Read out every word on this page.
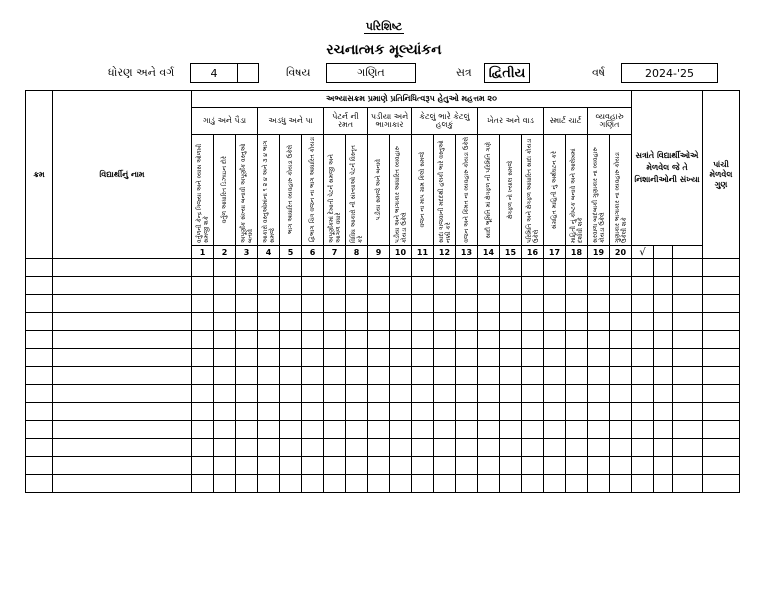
પરિશિષ્ટ
રચનાત્મક મૂલ્યાંકન
ધોરણ અને વર્ગ	4	વિષય	ગણિત	સત્ર	દ્વિતીય	વર્ષ	2024-'25
ક્રમ	વિદ્યાર્થીનું નામ	અભ્યાસક્રમ પ્રમાણે પ્રતિનિધિત્વરૂપ હેતુઓ મહત્તમ ૨૦																				સત્રાંતે વિદ્યાર્થીઓએ મેળવેલ જે તે નિશાનીઓની સંખ્યા			પાંચી મેળવેલ ગુણ
		ગાડું અને પૈડા			અડધુ અને પા			પેટર્ન ની રમત		પડીયા અને ભાગાકાર		કેટલું ભારે કેટલું હલકું			ખેતર અને વાડ			સ્માર્ટ ચાર્ટ		વ્યવહારુ ગણિત					

		વર્તુળની કેન્દ્ર ત્રિજ્યા અને વ્યાસ ઓળખી સમજી શકે	વર્તુળ આધારિત ડિઝાઇન દોરે	અપૂર્ણાંક સંખ્યા બનાવી અપૂર્ણાંક વસ્તુઓ બતાવે	આકારો વસ્તુઓમાંના ૧ ૨ ૪ અને ૩ ૪ ભાગ સમજે	ભાગ આધારિત વ્યવહારુ કોયડા ઉકેલે	દ્વિભાગ ચિત્ર વજન ના ભાગ આધારિત કોયડા	અપૂર્ણાંકમાં દેખાતી પેટર્ન સમજી અને આગળ વધારે	વિવિધ આકારો ની સંખ્યાઓ પેટર્ન વિસ્તૃત કરે	પડીયા સમજે અને બનાવે	પડીયા અને ભાગાકાર આધારિત વ્યવહારુ કોયડા ઉકેલે	વજન ના માપ ગ્રામ કિલો સમજે	સાદા ત્રાજવાની મદદથી હલકી ભારે વસ્તુઓ નક્કી કરે	વજન અને કિંમત ના વ્યવહારુ કોયડા ઉકેલે	સાદી ભૂમિતિ માં ક્ષેત્રફળ ની પરિમિતિ ગણે	ક્ષેત્રફળ નો ખ્યાલ સમજે	પરિમિતિ અને ક્ષેત્રફળ આધારિત સાદા કોયડા ઉકેલે	સંગ્રહિત માહિતી નું અર્થઘટન કરે	માહિતી નું કોષ્ટક બનાવે અને આલેખમાં દર્શાવી શકે	સરવાળા બાદબાકી ગુણાકાર ના વ્યવહારુ કોયડા ઉકેલે	ગુણાકાર ભાગાકાર ના વ્યવહારુ કોયડા ઉકેલી શકે				

		1	2	3	4	5	6	7	8	9	10	11	12	13	14	15	16	17	18	19	20	√			
